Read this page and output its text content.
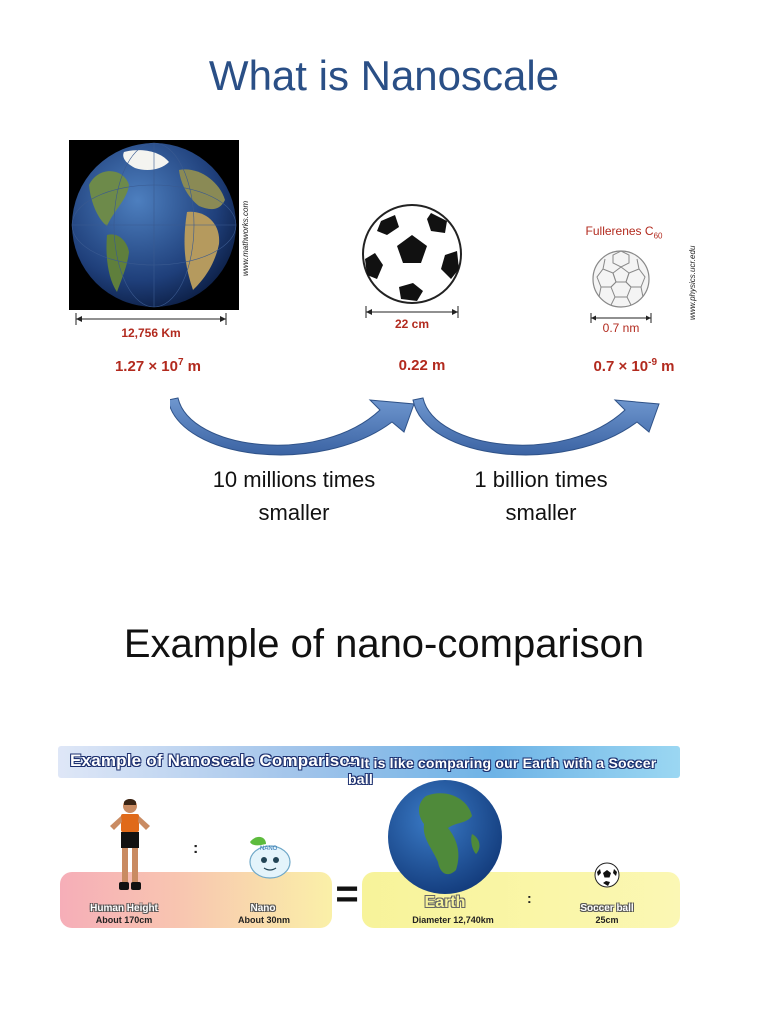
What is Nanoscale
www.mathworks.com
12,756 Km
22 cm
Fullerenes $C_{60}$
www.physics.ucr.edu
0.7 nm
$1.27 \times 10^7$ m	0.22 m	$0.7 \times 10^{-9}$ m
10 millions times
smaller
1 billion times
smaller
Example of nano-comparison
Example of Nanoscale Comparison
~ It is like comparing our Earth with a Soccer ball
:	NANO
Human Height
About 170cm
Nano
About 30nm
=	:
Earth
Diameter 12,740km
Soccer ball
25cm
